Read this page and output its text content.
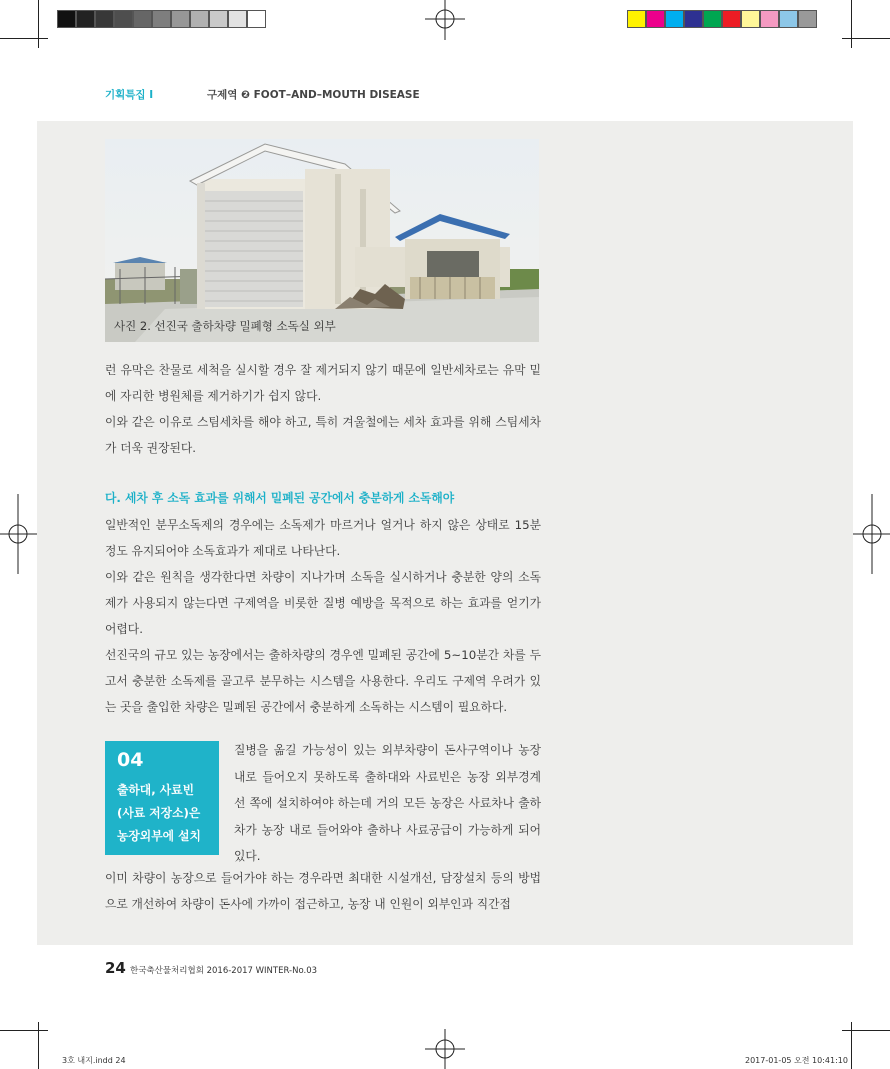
기획특집 I	구제역 ❷ FOOT–AND–MOUTH DISEASE
사진 2. 선진국 출하차량 밀폐형 소독실 외부

런 유막은 찬물로 세척을 실시할 경우 잘 제거되지 않기 때문에 일반세차로는 유막 밑에 자리한 병원체를 제거하기가 쉽지 않다.

이와 같은 이유로 스팀세차를 해야 하고, 특히 겨울철에는 세차 효과를 위해 스팀세차가 더욱 권장된다.

다. 세차 후 소독 효과를 위해서 밀폐된 공간에서 충분하게 소독해야

일반적인 분무소독제의 경우에는 소독제가 마르거나 얼거나 하지 않은 상태로 15분 정도 유지되어야 소독효과가 제대로 나타난다.

이와 같은 원칙을 생각한다면 차량이 지나가며 소독을 실시하거나 충분한 양의 소독제가 사용되지 않는다면 구제역을 비롯한 질병 예방을 목적으로 하는 효과를 얻기가 어렵다.

선진국의 규모 있는 농장에서는 출하차량의 경우엔 밀폐된 공간에 5~10분간 차를 두고서 충분한 소독제를 골고루 분무하는 시스템을 사용한다. 우리도 구제역 우려가 있는 곳을 출입한 차량은 밀폐된 공간에서 충분하게 소독하는 시스템이 필요하다.

04
출하대, 사료빈
(사료 저장소)은
농장외부에 설치

질병을 옮길 가능성이 있는 외부차량이 돈사구역이나 농장 내로 들어오지 못하도록 출하대와 사료빈은 농장 외부경계선 쪽에 설치하여야 하는데 거의 모든 농장은 사료차나 출하차가 농장 내로 들어와야 출하나 사료공급이 가능하게 되어있다.

이미 차량이 농장으로 들어가야 하는 경우라면 최대한 시설개선, 담장설치 등의 방법으로 개선하여 차량이 돈사에 가까이 접근하고, 농장 내 인원이 외부인과 직간접

24 한국축산물처리협회 2016-2017 WINTER-No.03
3호 내지.indd 24	2017-01-05 오전 10:41:10
